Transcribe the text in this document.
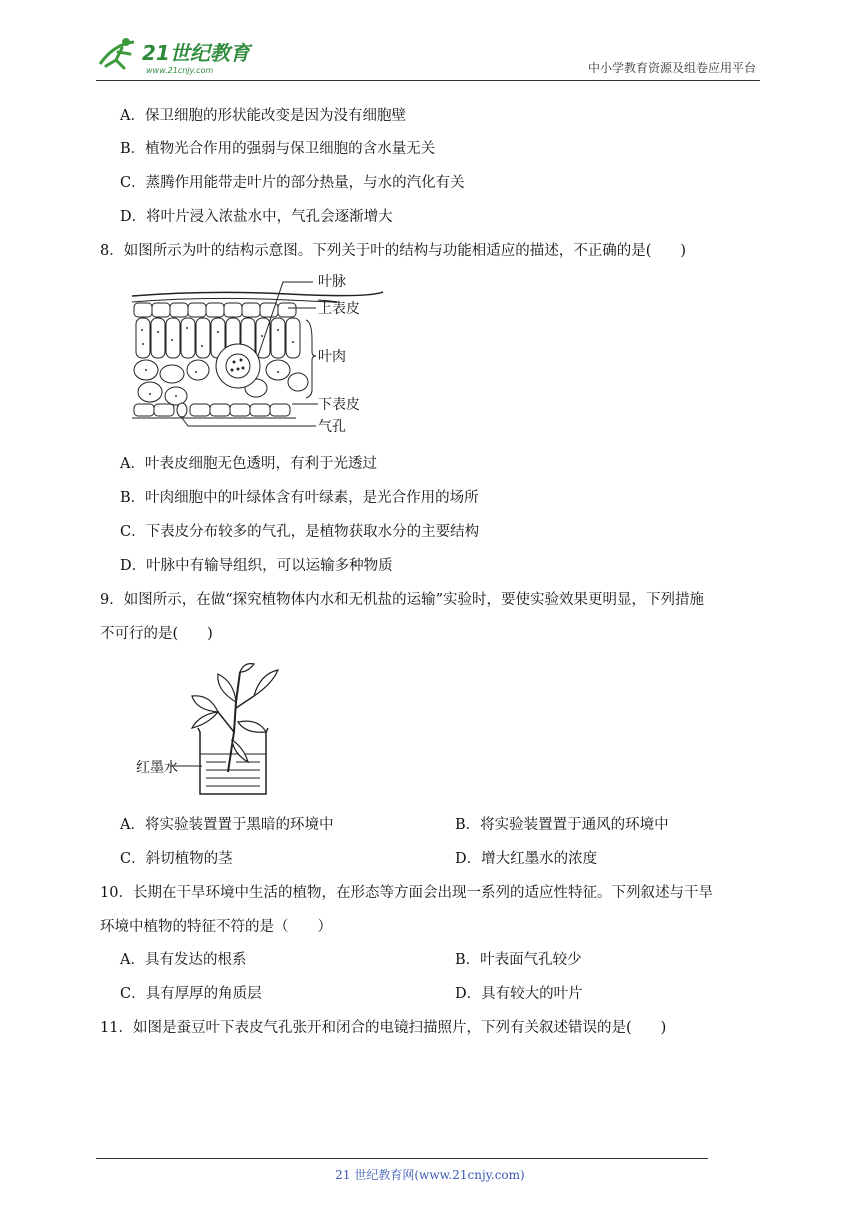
21世纪教育
www.21cnjy.com	中小学教育资源及组卷应用平台
A．保卫细胞的形状能改变是因为没有细胞壁
B．植物光合作用的强弱与保卫细胞的含水量无关
C．蒸腾作用能带走叶片的部分热量，与水的汽化有关
D．将叶片浸入浓盐水中，气孔会逐渐增大
8．如图所示为叶的结构示意图。下列关于叶的结构与功能相适应的描述，不正确的是(　　)
叶脉
上表皮
叶肉
下表皮
气孔
A．叶表皮细胞无色透明，有利于光透过
B．叶肉细胞中的叶绿体含有叶绿素，是光合作用的场所
C．下表皮分布较多的气孔，是植物获取水分的主要结构
D．叶脉中有输导组织，可以运输多种物质
9．如图所示，在做“探究植物体内水和无机盐的运输”实验时，要使实验效果更明显，下列措施
不可行的是(　　)
红墨水
A．将实验装置置于黑暗的环境中	B．将实验装置置于通风的环境中
C．斜切植物的茎	D．增大红墨水的浓度
10．长期在干旱环境中生活的植物，在形态等方面会出现一系列的适应性特征。下列叙述与干旱
环境中植物的特征不符的是（　　）
A．具有发达的根系	B．叶表面气孔较少
C．具有厚厚的角质层	D．具有较大的叶片
11．如图是蚕豆叶下表皮气孔张开和闭合的电镜扫描照片，下列有关叙述错误的是(　　)
21 世纪教育网(www.21cnjy.com)
